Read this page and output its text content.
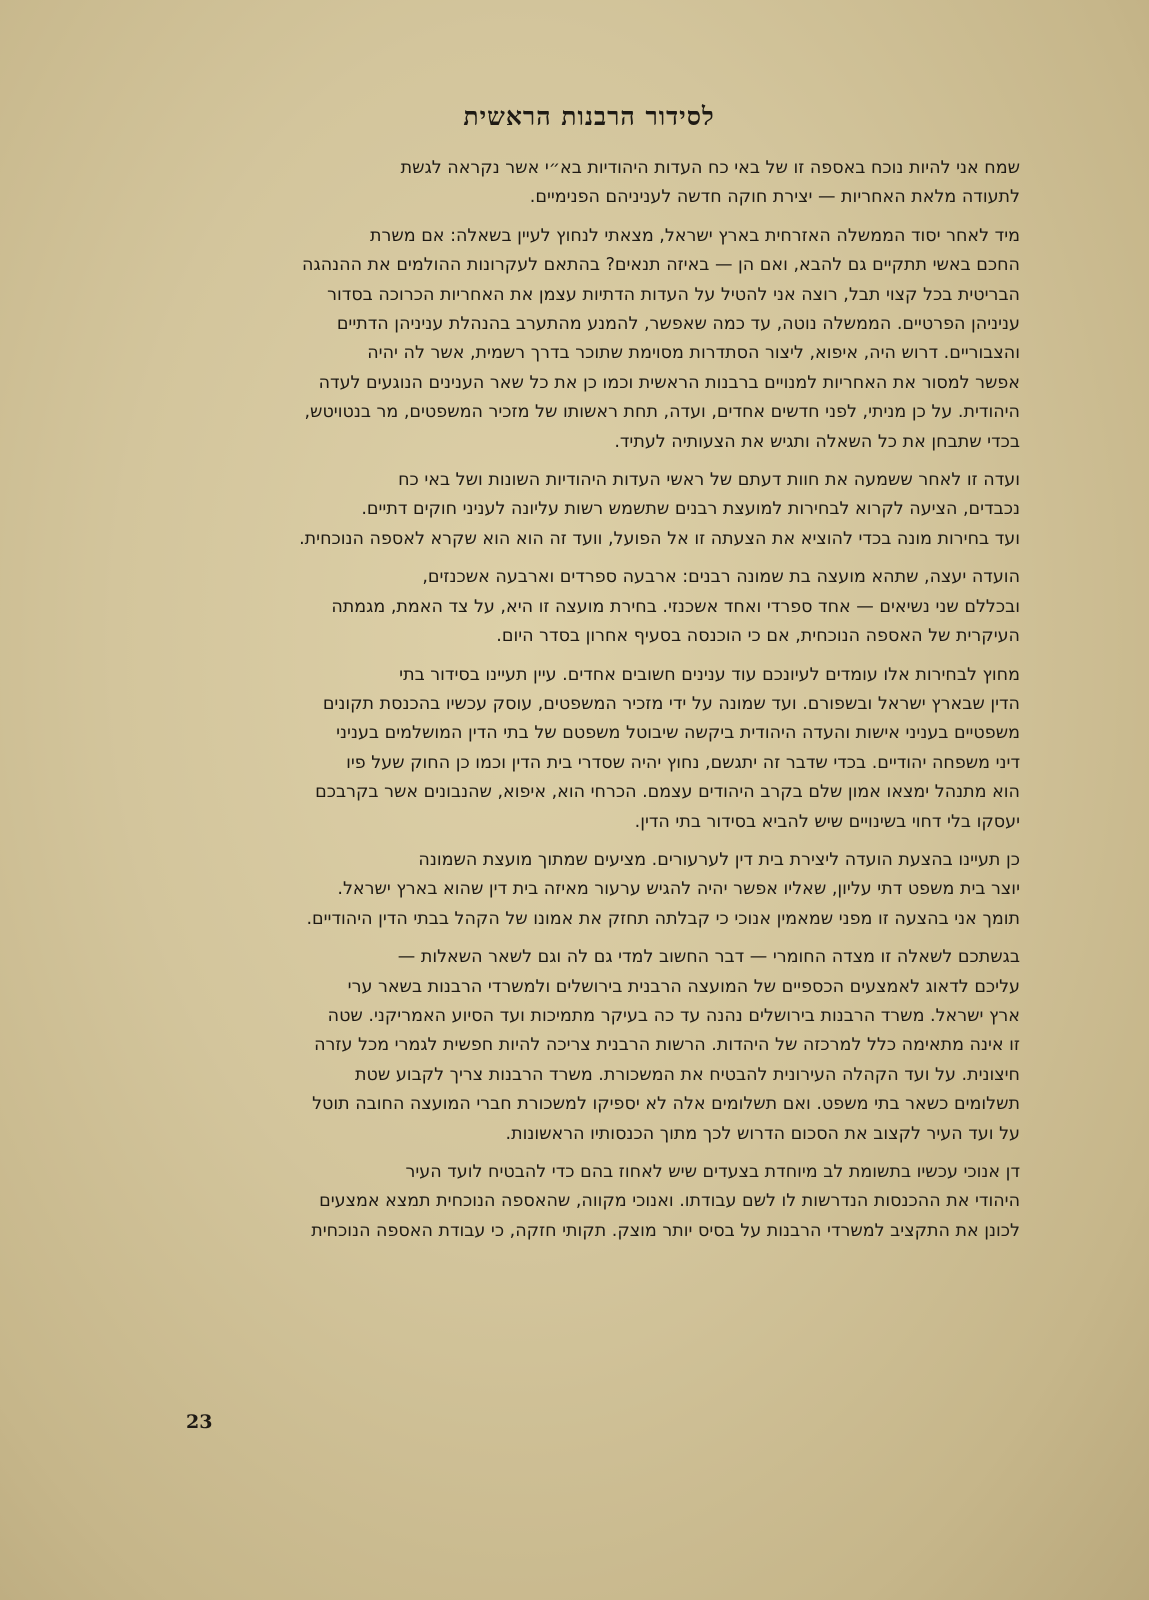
לסידור הרבנות הראשית
שמח אני להיות נוכח באספה זו של באי כח העדות היהודיות בא״י אשר נקראה לגשת
לתעודה מלאת האחריות — יצירת חוקה חדשה לעניניהם הפנימיים.
מיד לאחר יסוד הממשלה האזרחית בארץ ישראל, מצאתי לנחוץ לעיין בשאלה: אם משרת
החכם באשי תתקיים גם להבא, ואם הן — באיזה תנאים? בהתאם לעקרונות ההולמים את ההנהגה
הבריטית בכל קצוי תבל, רוצה אני להטיל על העדות הדתיות עצמן את האחריות הכרוכה בסדור
עניניהן הפרטיים. הממשלה נוטה, עד כמה שאפשר, להמנע מהתערב בהנהלת עניניהן הדתיים
והצבוריים. דרוש היה, איפוא, ליצור הסתדרות מסוימת שתוכר בדרך רשמית, אשר לה יהיה
אפשר למסור את האחריות למנויים ברבנות הראשית וכמו כן את כל שאר הענינים הנוגעים לעדה
היהודית. על כן מניתי, לפני חדשים אחדים, ועדה, תחת ראשותו של מזכיר המשפטים, מר בנטויטש,
בכדי שתבחן את כל השאלה ותגיש את הצעותיה לעתיד.
ועדה זו לאחר ששמעה את חוות דעתם של ראשי העדות היהודיות השונות ושל באי כח
נכבדים, הציעה לקרוא לבחירות למועצת רבנים שתשמש רשות עליונה לעניני חוקים דתיים.
ועד בחירות מונה בכדי להוציא את הצעתה זו אל הפועל, וועד זה הוא הוא שקרא לאספה הנוכחית.
הועדה יעצה, שתהא מועצה בת שמונה רבנים: ארבעה ספרדים וארבעה אשכנזים,
ובכללם שני נשיאים — אחד ספרדי ואחד אשכנזי. בחירת מועצה זו היא, על צד האמת, מגמתה
העיקרית של האספה הנוכחית, אם כי הוכנסה בסעיף אחרון בסדר היום.
מחוץ לבחירות אלו עומדים לעיונכם עוד ענינים חשובים אחדים. עיין תעיינו בסידור בתי
הדין שבארץ ישראל ובשפורם. ועד שמונה על ידי מזכיר המשפטים, עוסק עכשיו בהכנסת תקונים
משפטיים בעניני אישות והעדה היהודית ביקשה שיבוטל משפטם של בתי הדין המושלמים בעניני
דיני משפחה יהודיים. בכדי שדבר זה יתגשם, נחוץ יהיה שסדרי בית הדין וכמו כן החוק שעל פיו
הוא מתנהל ימצאו אמון שלם בקרב היהודים עצמם. הכרחי הוא, איפוא, שהנבונים אשר בקרבכם
יעסקו בלי דחוי בשינויים שיש להביא בסידור בתי הדין.
כן תעיינו בהצעת הועדה ליצירת בית דין לערעורים. מציעים שמתוך מועצת השמונה
יוצר בית משפט דתי עליון, שאליו אפשר יהיה להגיש ערעור מאיזה בית דין שהוא בארץ ישראל.
תומך אני בהצעה זו מפני שמאמין אנוכי כי קבלתה תחזק את אמונו של הקהל בבתי הדין היהודיים.
בגשתכם לשאלה זו מצדה החומרי — דבר החשוב למדי גם לה וגם לשאר השאלות —
עליכם לדאוג לאמצעים הכספיים של המועצה הרבנית בירושלים ולמשרדי הרבנות בשאר ערי
ארץ ישראל. משרד הרבנות בירושלים נהנה עד כה בעיקר מתמיכות ועד הסיוע האמריקני. שטה
זו אינה מתאימה כלל למרכזה של היהדות. הרשות הרבנית צריכה להיות חפשית לגמרי מכל עזרה
חיצונית. על ועד הקהלה העירונית להבטיח את המשכורת. משרד הרבנות צריך לקבוע שטת
תשלומים כשאר בתי משפט. ואם תשלומים אלה לא יספיקו למשכורת חברי המועצה החובה תוטל
על ועד העיר לקצוב את הסכום הדרוש לכך מתוך הכנסותיו הראשונות.
דן אנוכי עכשיו בתשומת לב מיוחדת בצעדים שיש לאחוז בהם כדי להבטיח לועד העיר
היהודי את ההכנסות הנדרשות לו לשם עבודתו. ואנוכי מקווה, שהאספה הנוכחית תמצא אמצעים
לכונן את התקציב למשרדי הרבנות על בסיס יותר מוצק. תקותי חזקה, כי עבודת האספה הנוכחית
23
